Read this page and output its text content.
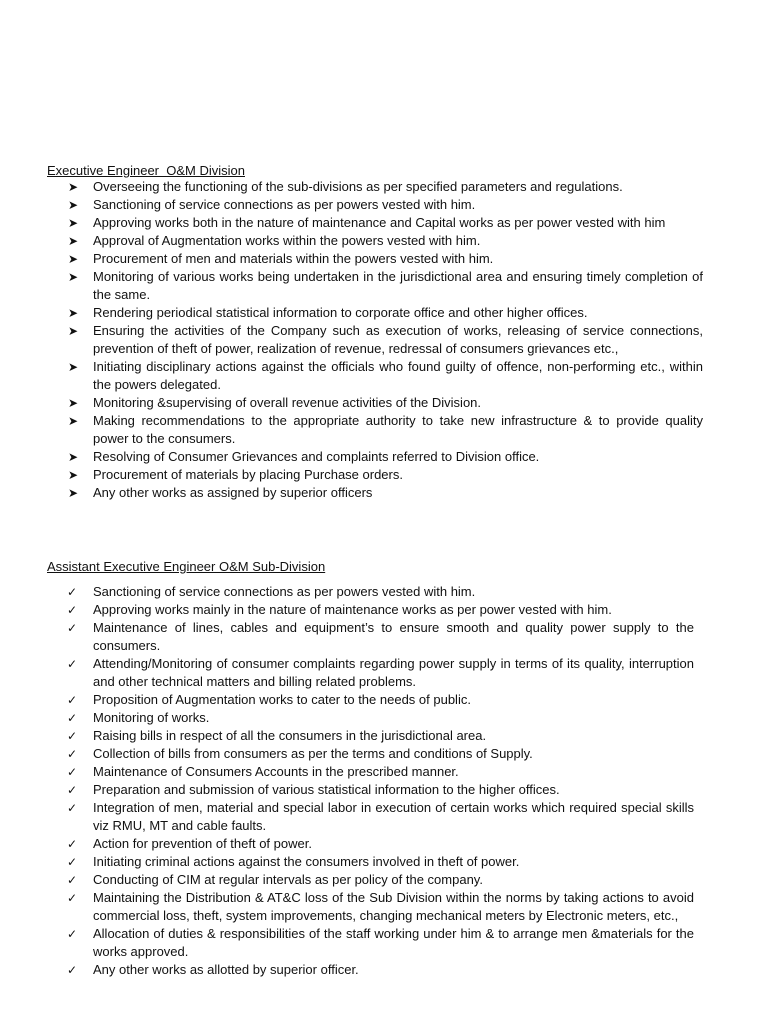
Executive Engineer  O&M Division
➤	Overseeing the functioning of the sub-divisions as per specified parameters and regulations.
➤	Sanctioning of service connections as per powers vested with him.
➤	Approving works both in the nature of maintenance and Capital works as per power vested with him
➤	Approval of Augmentation works within the powers vested with him.
➤	Procurement of men and materials within the powers vested with him.
➤	Monitoring of various works being undertaken in the jurisdictional area and ensuring timely completion of the same.
➤	Rendering periodical statistical information to corporate office and other higher offices.
➤	Ensuring the activities of the Company such as execution of works, releasing of service connections, prevention of theft of power, realization of revenue, redressal of consumers grievances etc.,
➤	Initiating disciplinary actions against the officials who found guilty of offence, non-performing etc., within the powers delegated.
➤	Monitoring &supervising of overall revenue activities of the Division.
➤	Making recommendations to the appropriate authority to take new infrastructure & to provide quality power to the consumers.
➤	Resolving of Consumer Grievances and complaints referred to Division office.
➤	Procurement of materials by placing Purchase orders.
➤	Any other works as assigned by superior officers
Assistant Executive Engineer O&M Sub-Division
✓	Sanctioning of service connections as per powers vested with him.
✓	Approving works mainly in the nature of maintenance works as per power vested with him.
✓	Maintenance of lines, cables and equipment’s to ensure smooth and quality power supply to the consumers.
✓	Attending/Monitoring of consumer complaints regarding power supply in terms of its quality, interruption and other technical matters and billing related problems.
✓	Proposition of Augmentation works to cater to the needs of public.
✓	Monitoring of works.
✓	Raising bills in respect of all the consumers in the jurisdictional area.
✓	Collection of bills from consumers as per the terms and conditions of Supply.
✓	Maintenance of Consumers Accounts in the prescribed manner.
✓	Preparation and submission of various statistical information to the higher offices.
✓	Integration of men, material and special labor in execution of certain works which required special skills viz RMU, MT and cable faults.
✓	Action for prevention of theft of power.
✓	Initiating criminal actions against the consumers involved in theft of power.
✓	Conducting of CIM at regular intervals as per policy of the company.
✓	Maintaining the Distribution & AT&C loss of the Sub Division within the norms by taking actions to avoid commercial loss, theft, system improvements, changing mechanical meters by Electronic meters, etc.,
✓	Allocation of duties & responsibilities of the staff working under him & to arrange men &materials for the works approved.
✓	Any other works as allotted by superior officer.
